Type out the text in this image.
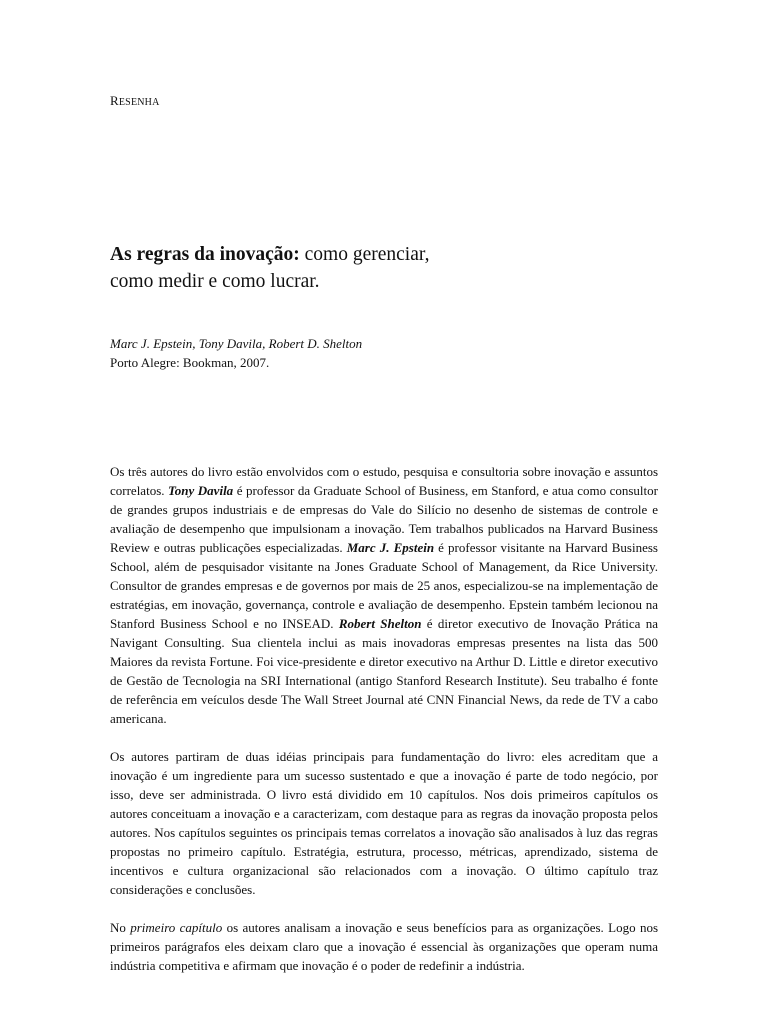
RESENHA
As regras da inovação: como gerenciar,
como medir e como lucrar.
Marc J. Epstein, Tony Davila, Robert D. Shelton
Porto Alegre: Bookman, 2007.

Os três autores do livro estão envolvidos com o estudo, pesquisa e consultoria sobre inovação e assuntos correlatos. Tony Davila é professor da Graduate School of Business, em Stanford, e atua como consultor de grandes grupos industriais e de empresas do Vale do Silício no desenho de sistemas de controle e avaliação de desempenho que impulsionam a inovação. Tem trabalhos publicados na Harvard Business Review e outras publicações especializadas. Marc J. Epstein é professor visitante na Harvard Business School, além de pesquisador visitante na Jones Graduate School of Management, da Rice University. Consultor de grandes empresas e de governos por mais de 25 anos, especializou-se na implementação de estratégias, em inovação, governança, controle e avaliação de desempenho. Epstein também lecionou na Stanford Business School e no INSEAD. Robert Shelton é diretor executivo de Inovação Prática na Navigant Consulting. Sua clientela inclui as mais inovadoras empresas presentes na lista das 500 Maiores da revista Fortune. Foi vice-presidente e diretor executivo na Arthur D. Little e diretor executivo de Gestão de Tecnologia na SRI International (antigo Stanford Research Institute). Seu trabalho é fonte de referência em veículos desde The Wall Street Journal até CNN Financial News, da rede de TV a cabo americana.

Os autores partiram de duas idéias principais para fundamentação do livro: eles acreditam que a inovação é um ingrediente para um sucesso sustentado e que a inovação é parte de todo negócio, por isso, deve ser administrada. O livro está dividido em 10 capítulos. Nos dois primeiros capítulos os autores conceituam a inovação e a caracterizam, com destaque para as regras da inovação proposta pelos autores. Nos capítulos seguintes os principais temas correlatos a inovação são analisados à luz das regras propostas no primeiro capítulo. Estratégia, estrutura, processo, métricas, aprendizado, sistema de incentivos e cultura organizacional são relacionados com a inovação. O último capítulo traz considerações e conclusões.

No primeiro capítulo os autores analisam a inovação e seus benefícios para as organizações. Logo nos primeiros parágrafos eles deixam claro que a inovação é essencial às organizações que operam numa indústria competitiva e afirmam que inovação é o poder de redefinir a indústria.
